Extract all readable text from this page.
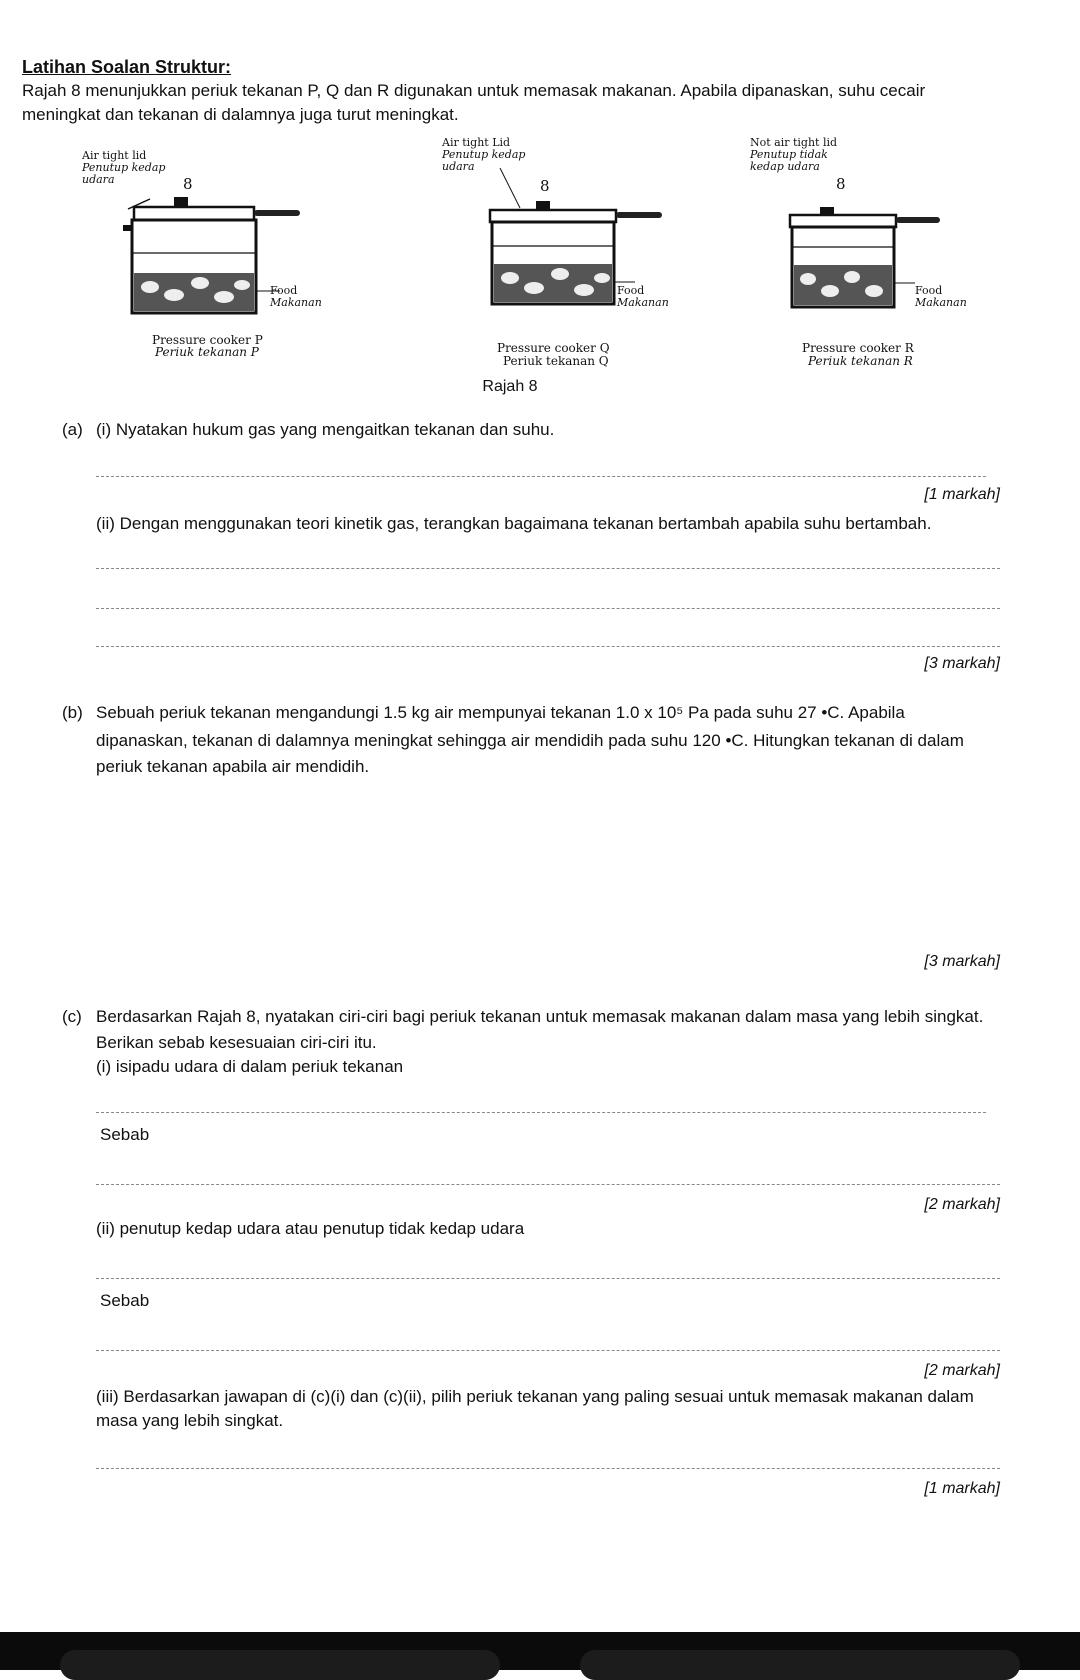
Latihan Soalan Struktur:
Rajah 8 menunjukkan periuk tekanan P, Q dan R digunakan untuk memasak makanan. Apabila dipanaskan, suhu cecair
meningkat dan tekanan di dalamnya juga turut meningkat.
Air tight lid
Penutup kedap
udara	8
Food
Makanan
Pressure cooker P
Periuk tekanan P
Air tight Lid
Penutup kedap
udara
8
Food
Makanan
Pressure cooker Q
Periuk tekanan Q
Not air tight lid
Penutup tidak
kedap udara
8
Food
Makanan
Pressure cooker R
Periuk tekanan R
Rajah 8
(a) (i) Nyatakan hukum gas yang mengaitkan tekanan dan suhu.
[1 markah]
(ii) Dengan menggunakan teori kinetik gas, terangkan bagaimana tekanan bertambah apabila suhu bertambah.
[3 markah]
(b) Sebuah periuk tekanan mengandungi 1.5 kg air mempunyai tekanan 1.0 x 10⁵ Pa pada suhu 27 •C. Apabila
dipanaskan, tekanan di dalamnya meningkat sehingga air mendidih pada suhu 120 •C. Hitungkan tekanan di dalam
periuk tekanan apabila air mendidih.
[3 markah]
(c) Berdasarkan Rajah 8, nyatakan ciri-ciri bagi periuk tekanan untuk memasak makanan dalam masa yang lebih singkat.
Berikan sebab kesesuaian ciri-ciri itu.
(i) isipadu udara di dalam periuk tekanan
Sebab
[2 markah]
(ii) penutup kedap udara atau penutup tidak kedap udara
Sebab
[2 markah]
(iii) Berdasarkan jawapan di (c)(i) dan (c)(ii), pilih periuk tekanan yang paling sesuai untuk memasak makanan dalam
masa yang lebih singkat.
[1 markah]
